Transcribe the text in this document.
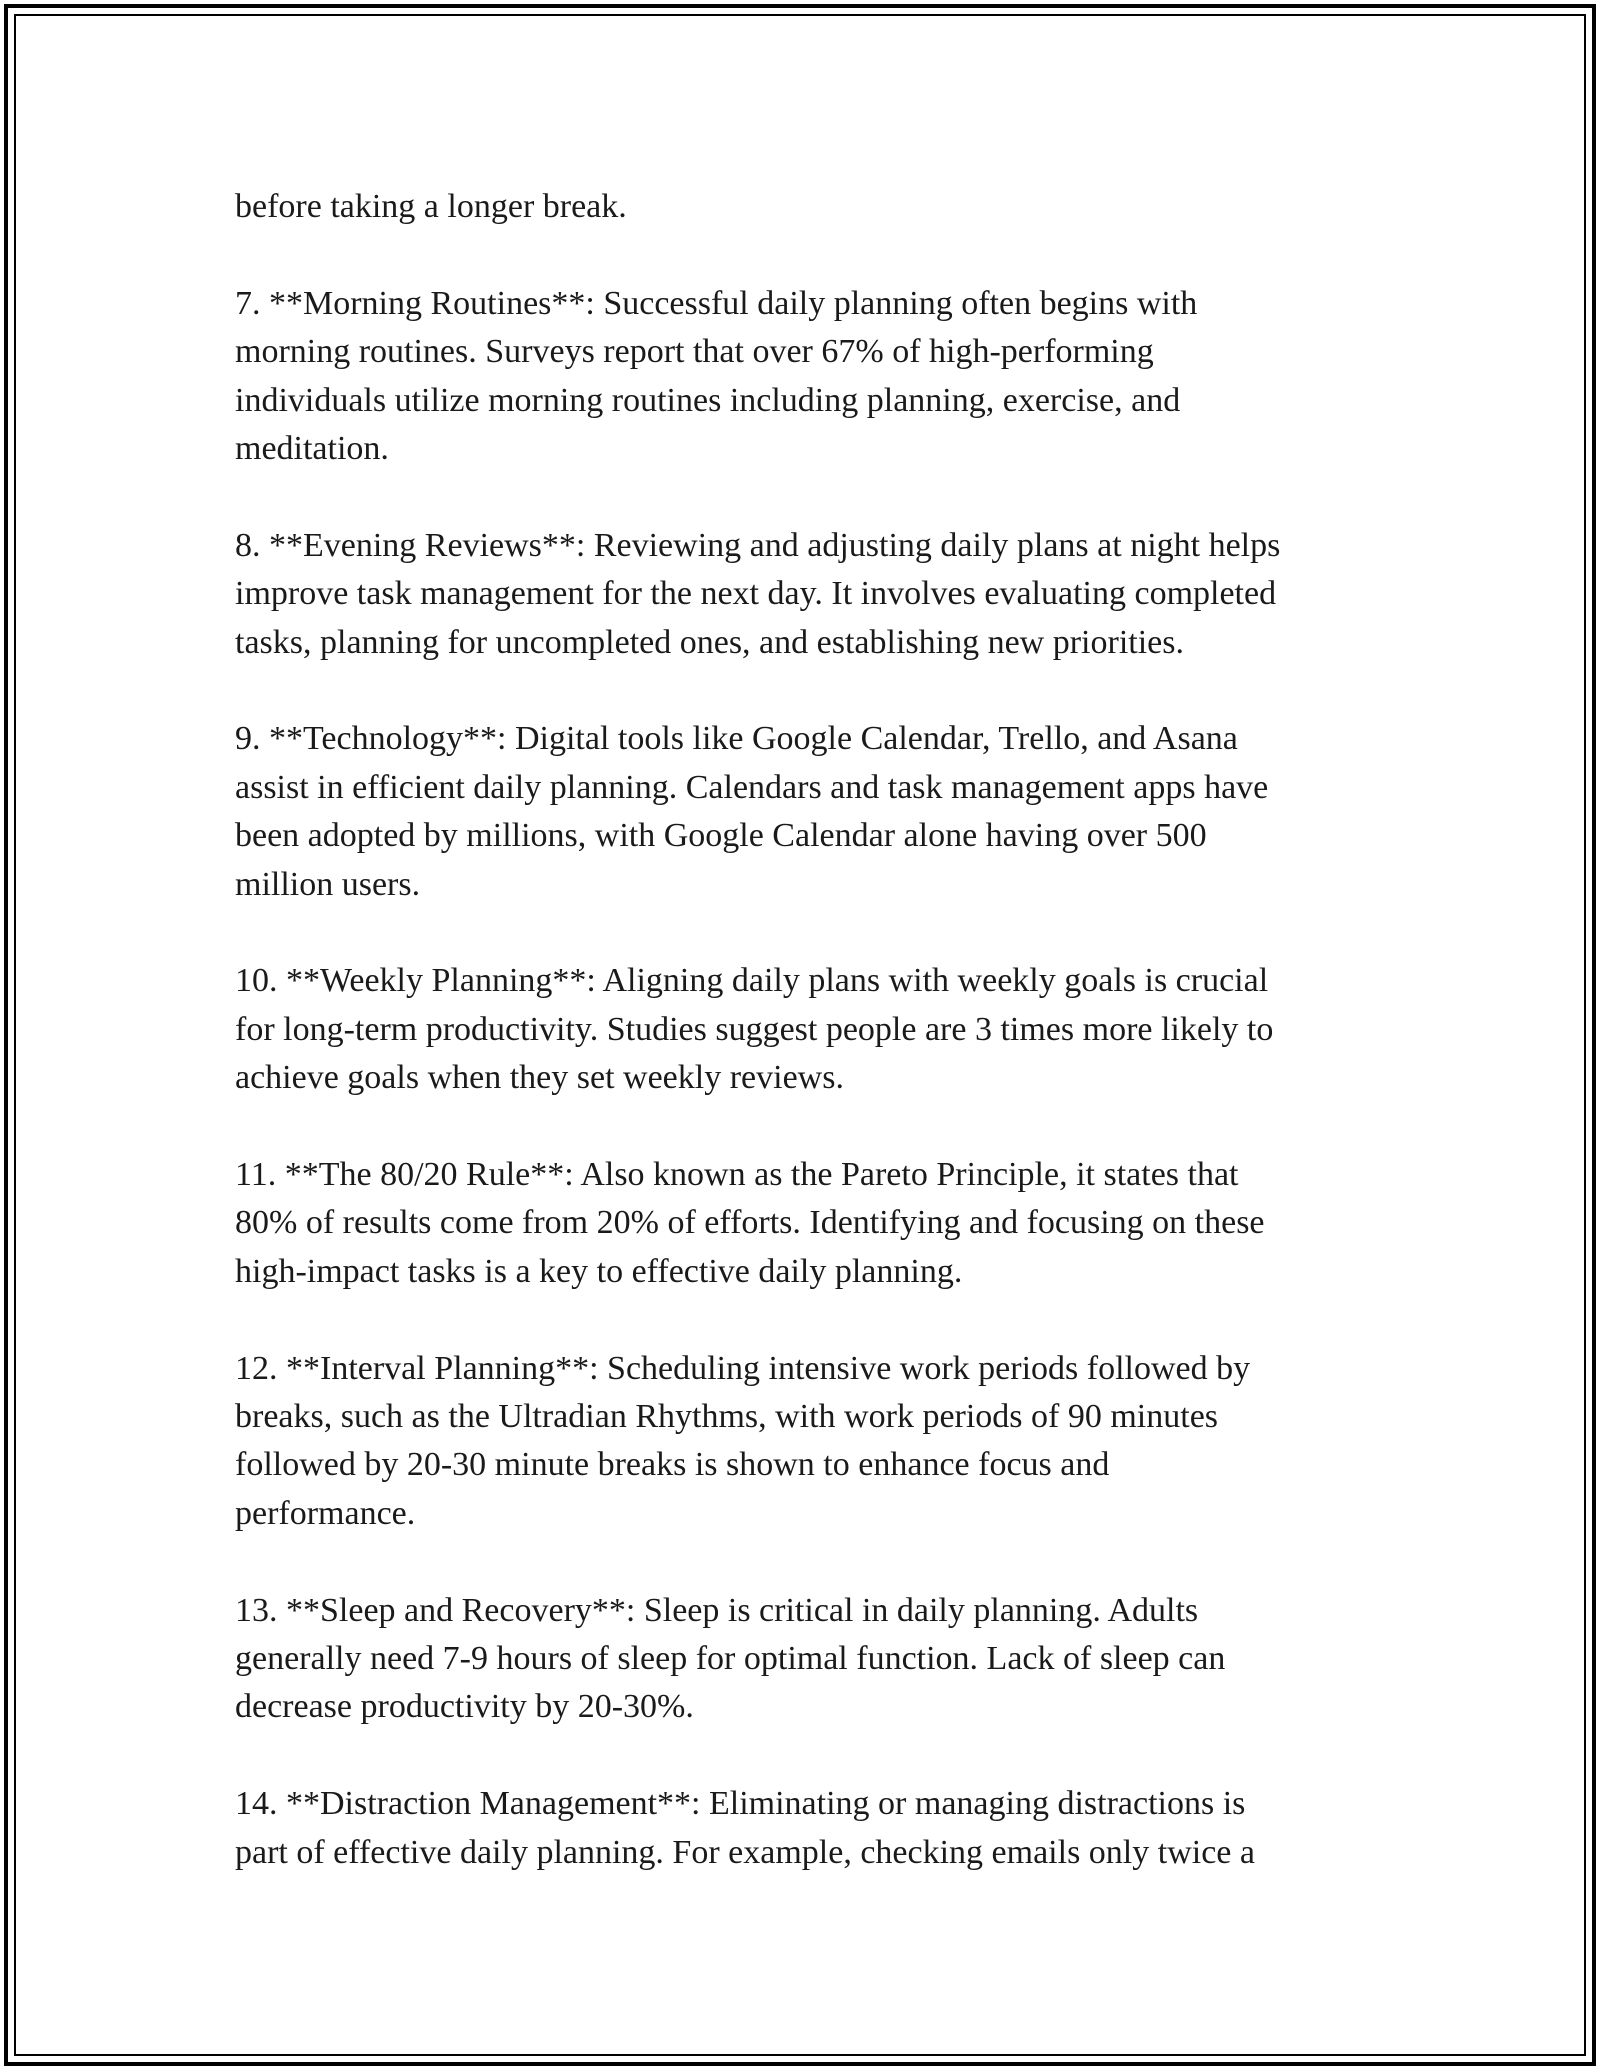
before taking a longer break.

7. **Morning Routines**: Successful daily planning often begins with
morning routines. Surveys report that over 67% of high-performing
individuals utilize morning routines including planning, exercise, and
meditation.

8. **Evening Reviews**: Reviewing and adjusting daily plans at night helps
improve task management for the next day. It involves evaluating completed
tasks, planning for uncompleted ones, and establishing new priorities.

9. **Technology**: Digital tools like Google Calendar, Trello, and Asana
assist in efficient daily planning. Calendars and task management apps have
been adopted by millions, with Google Calendar alone having over 500
million users.

10. **Weekly Planning**: Aligning daily plans with weekly goals is crucial
for long-term productivity. Studies suggest people are 3 times more likely to
achieve goals when they set weekly reviews.

11. **The 80/20 Rule**: Also known as the Pareto Principle, it states that
80% of results come from 20% of efforts. Identifying and focusing on these
high-impact tasks is a key to effective daily planning.

12. **Interval Planning**: Scheduling intensive work periods followed by
breaks, such as the Ultradian Rhythms, with work periods of 90 minutes
followed by 20-30 minute breaks is shown to enhance focus and
performance.

13. **Sleep and Recovery**: Sleep is critical in daily planning. Adults
generally need 7-9 hours of sleep for optimal function. Lack of sleep can
decrease productivity by 20-30%.

14. **Distraction Management**: Eliminating or managing distractions is
part of effective daily planning. For example, checking emails only twice a
